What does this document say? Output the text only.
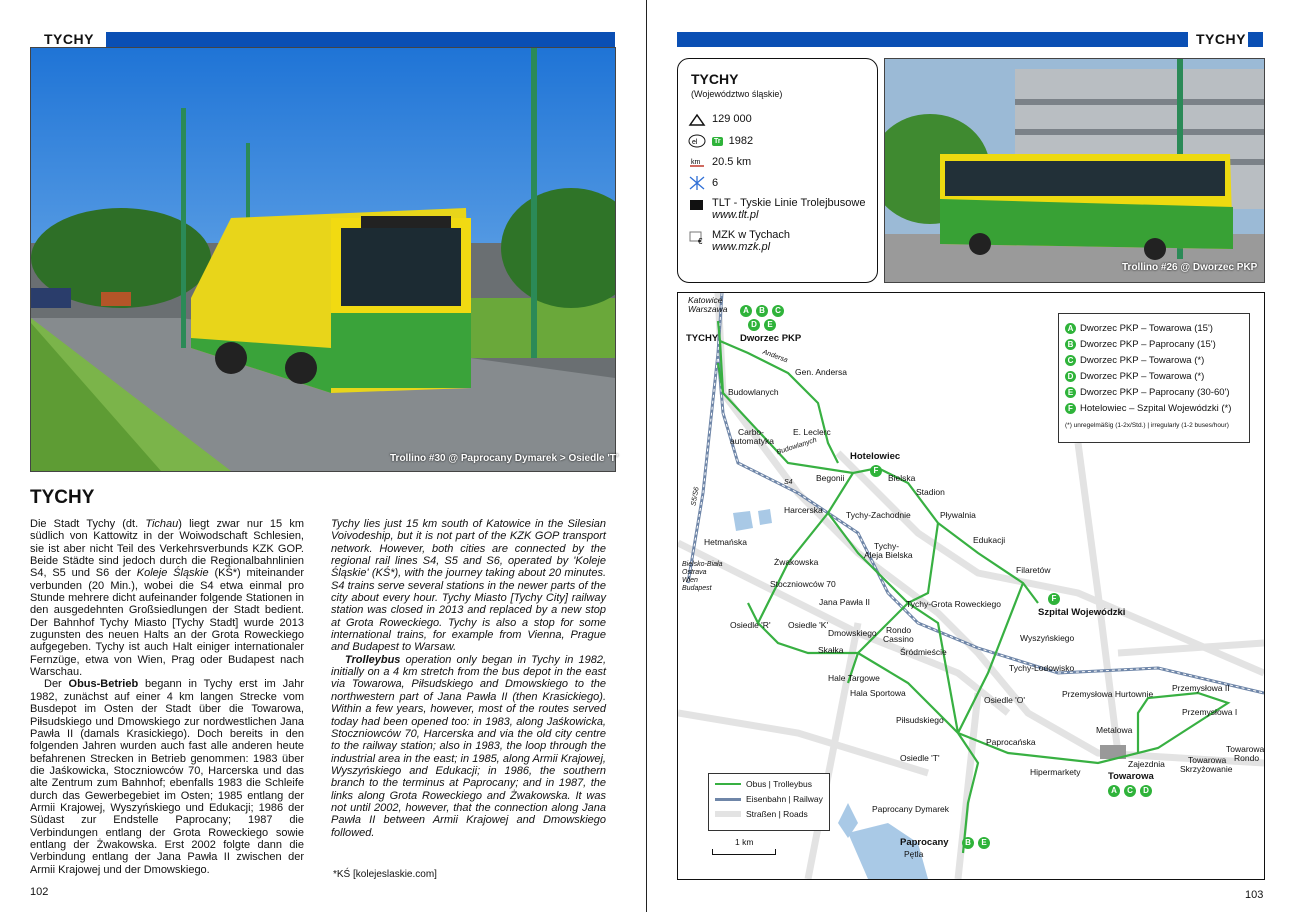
TYCHY
Trollino #30 @ Paprocany Dymarek > Osiedle 'T'
TYCHY

Die Stadt Tychy (dt. Tichau) liegt zwar nur 15 km südlich von Kattowitz in der Woiwodschaft Schlesien, sie ist aber nicht Teil des Verkehrsverbunds KZK GOP. Beide Städte sind jedoch durch die Regionalbahnlinien S4, S5 und S6 der Koleje Śląskie (KŚ*) miteinander verbunden (20 Min.), wobei die S4 etwa einmal pro Stunde mehrere dicht aufeinander folgende Stationen in den ausgedehnten Großsiedlungen der Stadt bedient. Der Bahnhof Tychy Miasto [Tychy Stadt] wurde 2013 zugunsten des neuen Halts an der Grota Roweckiego aufgegeben. Tychy ist auch Halt einiger internationaler Fernzüge, etwa von Wien, Prag oder Budapest nach Warschau.

Der Obus-Betrieb begann in Tychy erst im Jahr 1982, zunächst auf einer 4 km langen Strecke vom Busdepot im Osten der Stadt über die Towarowa, Piłsudskiego und Dmowskiego zur nordwestlichen Jana Pawła II (damals Krasickiego). Doch bereits in den folgenden Jahren wurden auch fast alle anderen heute befahrenen Strecken in Betrieb genommen: 1983 über die Jaśkowicka, Stoczniowców 70, Harcerska und das alte Zentrum zum Bahnhof; ebenfalls 1983 die Schleife durch das Gewerbegebiet im Osten; 1985 entlang der Armii Krajowej, Wyszyńskiego und Edukacji; 1986 der Südast zur Endstelle Paprocany; 1987 die Verbindungen entlang der Grota Roweckiego sowie entlang der Żwakowska. Erst 2002 folgte dann die Verbindung entlang der Jana Pawła II zwischen der Armii Krajowej und der Dmowskiego.

Tychy lies just 15 km south of Katowice in the Silesian Voivodeship, but it is not part of the KZK GOP transport network. However, both cities are connected by the regional rail lines S4, S5 and S6, operated by 'Koleje Śląskie' (KŚ*), with the journey taking about 20 minutes. S4 trains serve several stations in the newer parts of the city about every hour. Tychy Miasto [Tychy City] railway station was closed in 2013 and replaced by a new stop at Grota Roweckiego. Tychy is also a stop for some international trains, for example from Vienna, Prague and Budapest to Warsaw.

Trolleybus operation only began in Tychy in 1982, initially on a 4 km stretch from the bus depot in the east via Towarowa, Piłsudskiego and Dmowskiego to the northwestern part of Jana Pawła II (then Krasickiego). Within a few years, however, most of the routes served today had been opened too: in 1983, along Jaśkowicka, Stoczniowców 70, Harcerska and via the old city centre to the railway station; also in 1983, the loop through the industrial area in the east; in 1985, along Armii Krajowej, Wyszyńskiego and Edukacji; in 1986, the southern branch to the terminus at Paprocany; and in 1987, the links along Grota Roweckiego and Żwakowska. It was not until 2002, however, that the connection along Jana Pawła II between Armii Krajowej and Dmowskiego followed.

*KŚ [kolejeslaskie.com]
102
TYCHY
TYCHY
(Województwo śląskie)
129 000
el Tr 1982
km 20.5 km
6
TLT - Tyskie Linie Trolejbusowe
www.tlt.pl
€
MZK w Tychach
www.mzk.pl
Trollino #26 @ Dworzec PKP
A Dworzec PKP – Towarowa (15')
B Dworzec PKP – Paprocany (15')
C Dworzec PKP – Towarowa (*)
D Dworzec PKP – Towarowa (*)
E Dworzec PKP – Paprocany (30-60')
F Hotelowiec – Szpital Wojewódzki (*)
(*) unregelmäßig (1-2x/Std.) | irregularly (1-2 buses/hour)
Obus | Trolleybus
Eisenbahn | Railway
Straßen | Roads
1 km
Katowice
Warszawa
TYCHY Dworzec PKP
Andersa
Gen. Andersa
Budowlanych
Budowlanych
E. Leclerc
Carbo-
automatyka
Hotelowiec
F
Begonii	Bielska
Stadion
Pływalnia
Edukacji
Filaretów
F
Szpital Wojewódzki
Wyszyńskiego
Tychy-Lodowisko
Harcerska	Tychy-Zachodnie
Hetmańska
Żwakowska
Tychy-
Aleja Bielska
Stoczniowców 70
Jana Pawła II	Tychy-Grota Roweckiego
Osiedle 'R' Osiedle 'K'
Dmowskiego Rondo
Cassino
Śródmieście
Skałka
Hale Targowe
Hala Sportowa
Piłsudskiego
Osiedle 'O'
Osiedle 'T'
Paprocańska
Hipermarkety
Przemysłowa Hurtownie
Przemysłowa II
Przemysłowa I
Metalowa
Zajezdnia
Towarowa
A	C	D
Towarowa
Rondo
Towarowa
Skrzyżowanie
Paprocany Dymarek
Paprocany
Pętla
B	E
A	B	C
D	E
Bielsko-Biała
Ostrava
Wien
Budapest
S4
S5/S6
103
